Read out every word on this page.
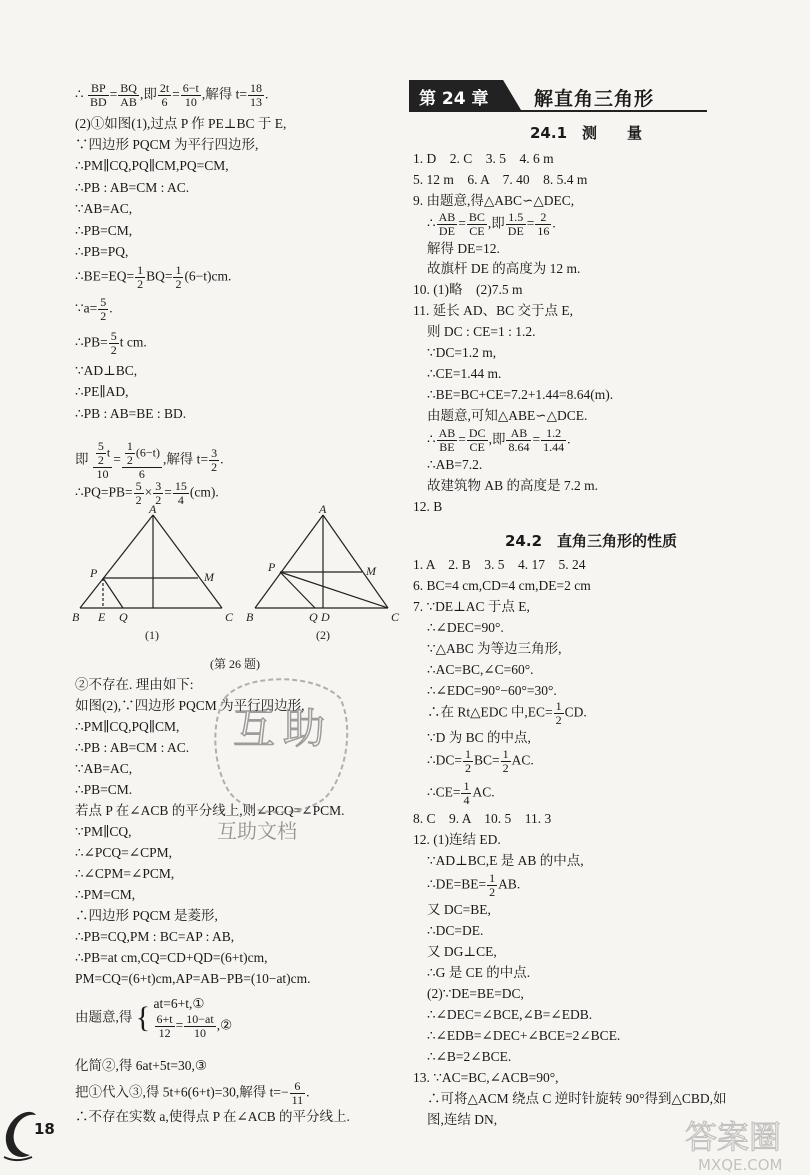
∴ $\frac{BP}{BD} = \frac{BQ}{AB}$ ,即 $\frac{2t}{6} = \frac{6-t}{10}$ ,解得 $t= \frac{18}{13}$ .
(2)①如图(1),过点 P 作 PE⊥BC 于 E,
∵四边形 PQCM 为平行四边形,
∴PM∥CQ,PQ∥CM,PQ=CM,
∴PB : AB=CM : AC.
∵AB=AC,
∴PB=CM,
∴PB=PQ,
∴BE=EQ= $\frac{1}{2} BQ= \frac{1}{2} (6-t)cm$.
∵a= $\frac{5}{2}$ .
∴PB= $\frac{5}{2}$ t cm.
∵AD⊥BC,
∴PE∥AD,
∴PB : AB=BE : BD.
即 $\frac{\frac{5}{2} t}{10} = \frac{\frac{1}{2} (6-t)}{6}$ ,解得 $t= \frac{3}{2}$ .
∴PQ=PB= $\frac{5}{2} \times \frac{3}{2} = \frac{15}{4} (cm)$.
②不存在. 理由如下:
如图(2),∵四边形 PQCM 为平行四边形,
∴PM∥CQ,PQ∥CM,
∴PB : AB=CM : AC.
∵AB=AC,
∴PB=CM.
若点 P 在∠ACB 的平分线上,则∠PCQ=∠PCM.
∵PM∥CQ,
∴∠PCQ=∠CPM,
∴∠CPM=∠PCM,
∴PM=CM,
∴四边形 PQCM 是菱形,
∴PB=CQ,PM : BC=AP : AB,
∴PB=at cm,CQ=CD+QD=(6+t)cm,
PM=CQ=(6+t)cm,AP=AB−PB=(10−at)cm.
由题意,得 { at=6+t,①
$\frac{6+t}{12} = \frac{10-at}{10}$ ,②
化简②,得 6at+5t=30,③
把①代入③,得 5t+6(6+t)=30,解得 $t=- \frac{6}{11}$ .
∴不存在实数 a,使得点 P 在∠ACB 的平分线上.
A
P	M
B E Q	C
(1)
A
P	M
B	Q D	C
(2)
(第 26 题)
互 助
互助文档
第 24 章 解直角三角形
24.1　测　　量
1. D　2. C　3. 5　4. 6 m
5. 12 m　6. A　7. 40　8. 5.4 m
9. 由题意,得△ABC∽△DEC,
∴ $\frac{AB}{DE} = \frac{BC}{CE}$ ,即 $\frac{1.5}{DE} = \frac{2}{16}$ .
解得 DE=12.
故旗杆 DE 的高度为 12 m.
10. (1)略　(2)7.5 m
11. 延长 AD、BC 交于点 E,
则 DC : CE=1 : 1.2.
∵DC=1.2 m,
∴CE=1.44 m.
∴BE=BC+CE=7.2+1.44=8.64(m).
由题意,可知△ABE∽△DCE.
∴ $\frac{AB}{BE} = \frac{DC}{CE}$ ,即 $\frac{AB}{8.64} = \frac{1.2}{1.44}$ .
∴AB=7.2.
故建筑物 AB 的高度是 7.2 m.
12. B
24.2　直角三角形的性质
1. A　2. B　3. 5　4. 17　5. 24
6. BC=4 cm,CD=4 cm,DE=2 cm
7. ∵DE⊥AC 于点 E,
∴∠DEC=90°.
∵△ABC 为等边三角形,
∴AC=BC,∠C=60°.
∴∠EDC=90°−60°=30°.
∴在 Rt△EDC 中$,EC= \frac{1}{2}$ CD.
∵D 为 BC 的中点,
∴DC= $\frac{1}{2} BC= \frac{1}{2}$ AC.
∴CE= $\frac{1}{4}$ AC.
8. C　9. A　10. 5　11. 3
12. (1)连结 ED.
∵AD⊥BC,E 是 AB 的中点,
∴DE=BE= $\frac{1}{2}$ AB.
又 DC=BE,
∴DC=DE.
又 DG⊥CE,
∴G 是 CE 的中点.
(2)∵DE=BE=DC,
∴∠DEC=∠BCE,∠B=∠EDB.
∴∠EDB=∠DEC+∠BCE=2∠BCE.
∴∠B=2∠BCE.
13. ∵AC=BC,∠ACB=90°,
∴可将△ACM 绕点 C 逆时针旋转 90°得到△CBD,如
图,连结 DN,
18	答案圈
MXQE.COM
